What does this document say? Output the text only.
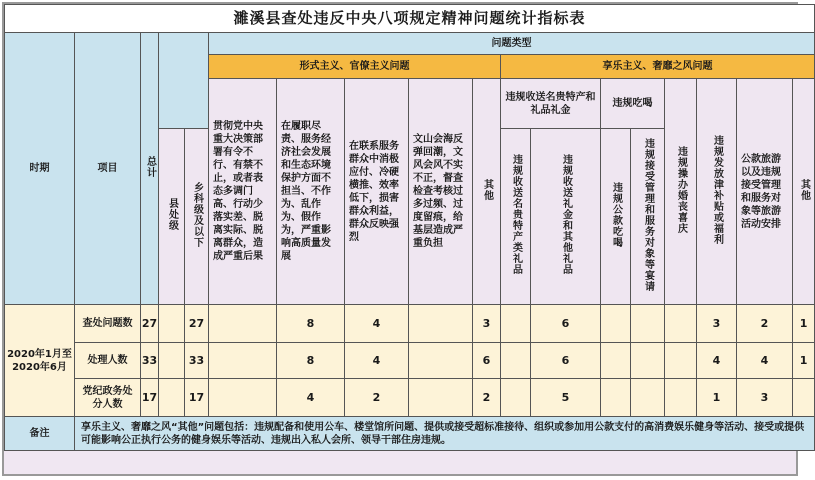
濉溪县查处违反中央八项规定精神问题统计指标表																	
时期	项目	总计			问题类型												
					形式主义、官僚主义问题					享乐主义、奢靡之风问题							
					贯彻党中央重大决策部署有令不行、有禁不止，或者表态多调门高、行动少落实差、脱离实际、脱离群众，造成严重后果	在履职尽责、服务经济社会发展和生态环境保护方面不担当、不作为、乱作为、假作为，严重影响高质量发展	在联系服务群众中消极应付、冷硬横推、效率低下，损害群众利益，群众反映强烈	文山会海反弹回潮，文风会风不实不正，督查检查考核过多过频、过度留痕，给基层造成严重负担	其他	违规收送名贵特产和礼品礼金		违规吃喝		违规操办婚丧喜庆	违规发放津补贴或福利	公款旅游以及违规接受管理和服务对象等旅游活动安排	其他
			县处级	乡科级及以下						违规收送名贵特产类礼品	违规收送礼金和其他礼品	违规公款吃喝	违规接受管理和服务对象等宴请				

2020年1月至2020年6月	查处问题数	27		27		8	4		3		6				3	2	1
	处理人数	33		33		8	4		6		6				4	4	1
	党纪政务处分人数	17		17		4	2		2		5				1	3	
备注	享乐主义、奢靡之风“其他”问题包括：违规配备和使用公车、楼堂馆所问题、提供或接受超标准接待、组织或参加用公款支付的高消费娱乐健身等活动、接受或提供可能影响公正执行公务的健身娱乐等活动、违规出入私人会所、领导干部住房违规。																
